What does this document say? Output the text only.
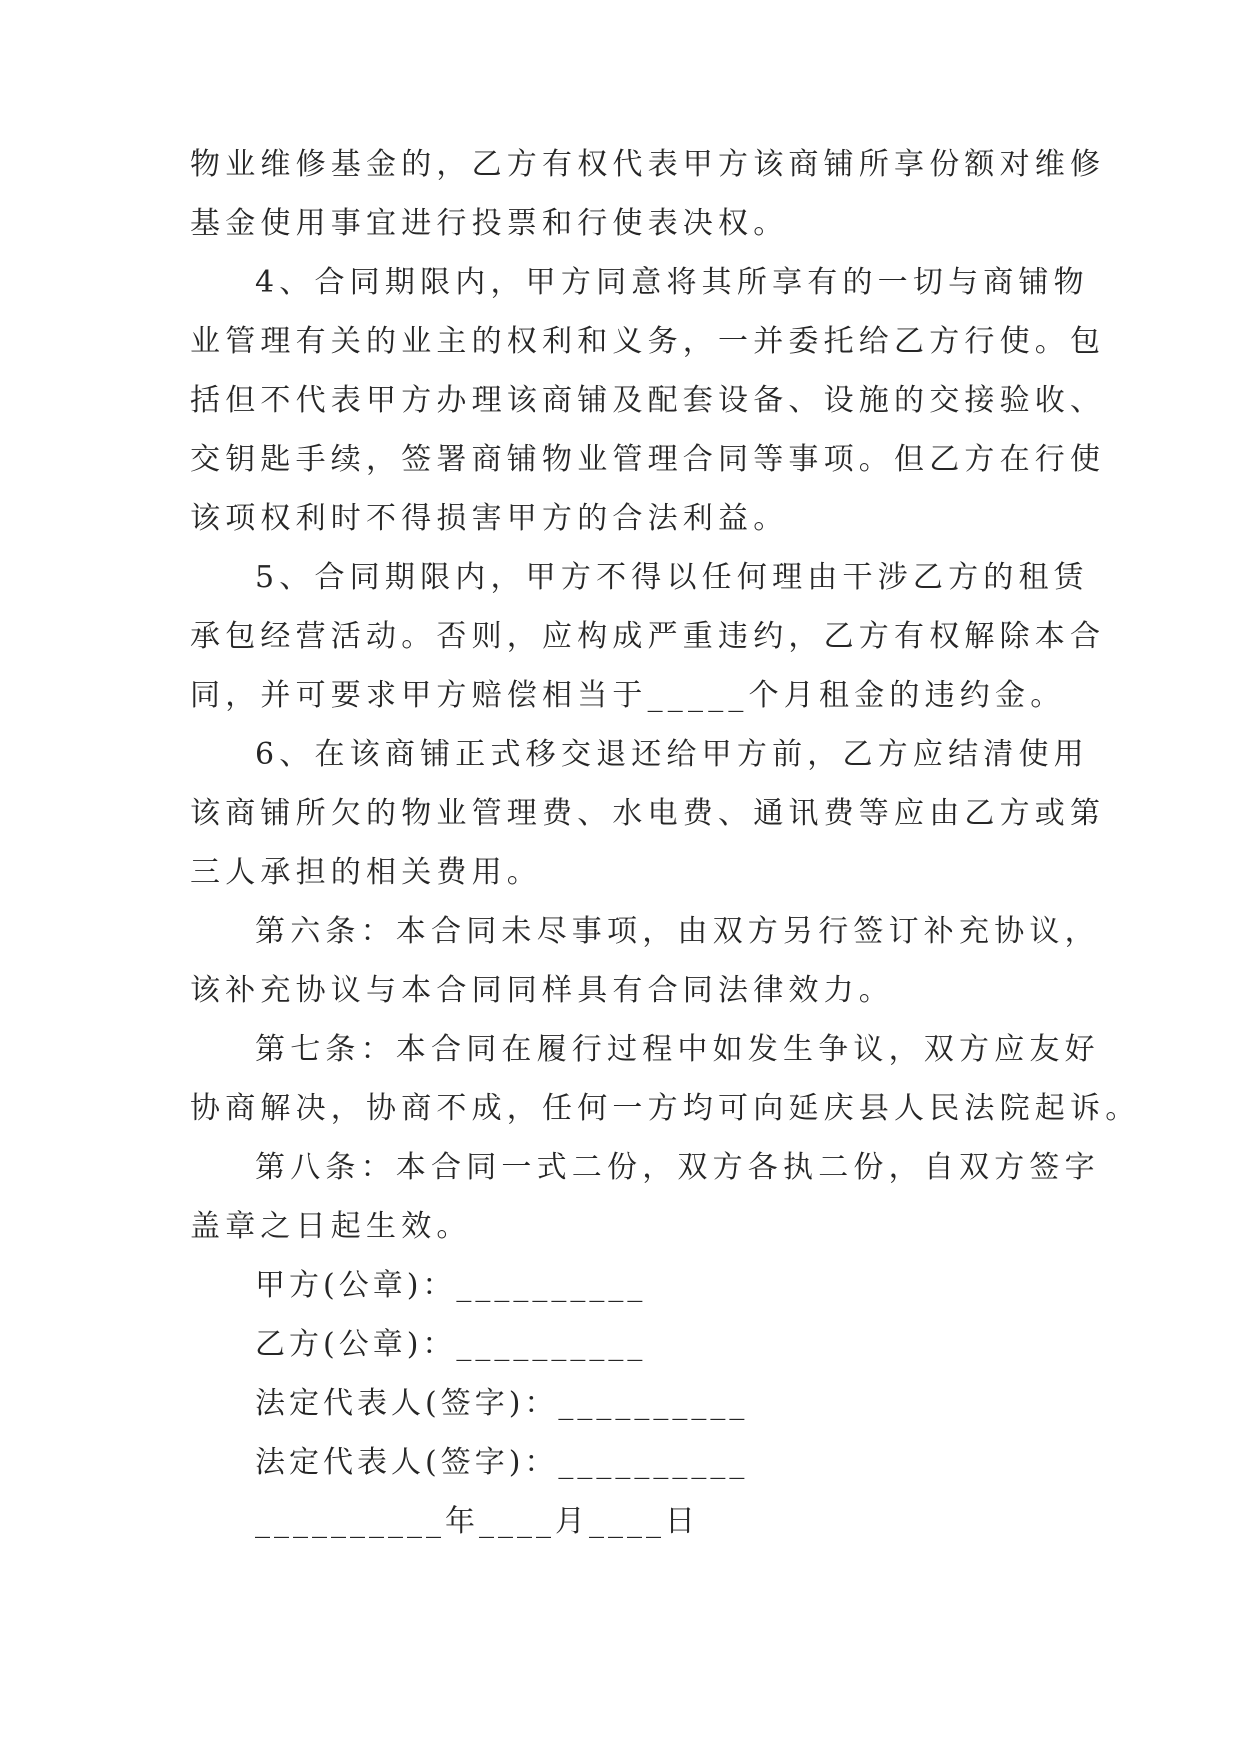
物业维修基金的，乙方有权代表甲方该商铺所享份额对维修
基金使用事宜进行投票和行使表决权。
4、合同期限内，甲方同意将其所享有的一切与商铺物
业管理有关的业主的权利和义务，一并委托给乙方行使。包
括但不代表甲方办理该商铺及配套设备、设施的交接验收、
交钥匙手续，签署商铺物业管理合同等事项。但乙方在行使
该项权利时不得损害甲方的合法利益。
5、合同期限内，甲方不得以任何理由干涉乙方的租赁
承包经营活动。否则，应构成严重违约，乙方有权解除本合
同，并可要求甲方赔偿相当于_____个月租金的违约金。
6、在该商铺正式移交退还给甲方前，乙方应结清使用
该商铺所欠的物业管理费、水电费、通讯费等应由乙方或第
三人承担的相关费用。
第六条：本合同未尽事项，由双方另行签订补充协议，
该补充协议与本合同同样具有合同法律效力。
第七条：本合同在履行过程中如发生争议，双方应友好
协商解决，协商不成，任何一方均可向延庆县人民法院起诉。
第八条：本合同一式二份，双方各执二份，自双方签字
盖章之日起生效。
甲方(公章)：__________
乙方(公章)：__________
法定代表人(签字)：__________
法定代表人(签字)：__________
__________年____月____日
